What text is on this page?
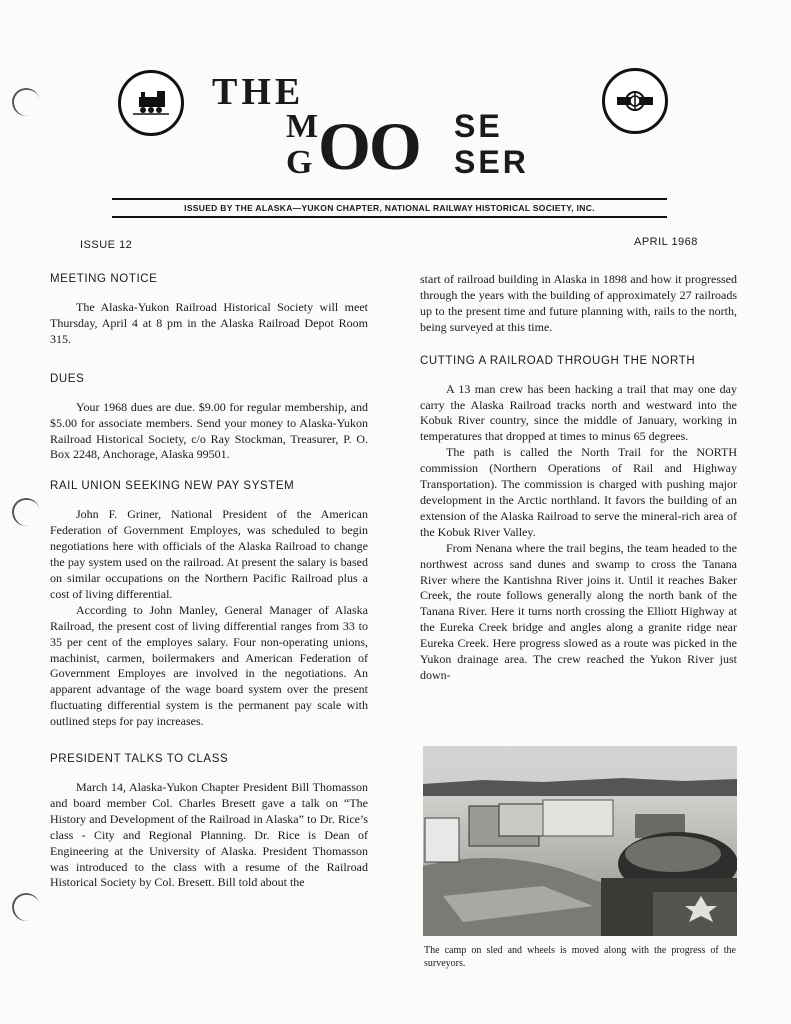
THE
M
G OO SE
SER
ISSUED BY THE ALASKA—YUKON CHAPTER, NATIONAL RAILWAY HISTORICAL SOCIETY, INC.
ISSUE 12	APRIL 1968
MEETING NOTICE

The Alaska-Yukon Railroad Historical Society will meet Thursday, April 4 at 8 pm in the Alaska Railroad Depot Room 315.

DUES

Your 1968 dues are due. $9.00 for regular membership, and $5.00 for associate members. Send your money to Alaska-Yukon Railroad Historical Society, c/o Ray Stockman, Treasurer, P. O. Box 2248, Anchorage, Alaska 99501.

RAIL UNION SEEKING NEW PAY SYSTEM

John F. Griner, National President of the American Federation of Government Employes, was scheduled to begin negotiations here with officials of the Alaska Railroad to change the pay system used on the railroad. At present the salary is based on similar occupations on the Northern Pacific Railroad plus a cost of living differential.

According to John Manley, General Manager of Alaska Railroad, the present cost of living differential ranges from 33 to 35 per cent of the employes salary. Four non-operating unions, machinist, carmen, boilermakers and American Federation of Government Employes are involved in the negotiations. An apparent advantage of the wage board system over the present fluctuating differential system is the permanent pay scale with outlined steps for pay increases.

PRESIDENT TALKS TO CLASS

March 14, Alaska-Yukon Chapter President Bill Thomasson and board member Col. Charles Bresett gave a talk on “The History and Development of the Railroad in Alaska” to Dr. Rice’s class - City and Regional Planning. Dr. Rice is Dean of Engineering at the University of Alaska. President Thomasson was introduced to the class with a resume of the Railroad Historical Society by Col. Bresett. Bill told about the

start of railroad building in Alaska in 1898 and how it progressed through the years with the building of approximately 27 railroads up to the present time and future planning with, rails to the north, being surveyed at this time.

CUTTING A RAILROAD THROUGH THE NORTH

A 13 man crew has been hacking a trail that may one day carry the Alaska Railroad tracks north and westward into the Kobuk River country, since the middle of January, working in temperatures that dropped at times to minus 65 degrees.

The path is called the North Trail for the NORTH commission (Northern Operations of Rail and Highway Transportation). The commission is charged with pushing major development in the Arctic northland. It favors the building of an extension of the Alaska Railroad to serve the mineral-rich area of the Kobuk River Valley.

From Nenana where the trail begins, the team headed to the northwest across sand dunes and swamp to cross the Tanana River where the Kantishna River joins it. Until it reaches Baker Creek, the route follows generally along the north bank of the Tanana River. Here it turns north crossing the Elliott Highway at the Eureka Creek bridge and angles along a granite ridge near Eureka Creek. Here progress slowed as a route was picked in the Yukon drainage area. The crew reached the Yukon River just down-

The camp on sled and wheels is moved along with the progress of the surveyors.
